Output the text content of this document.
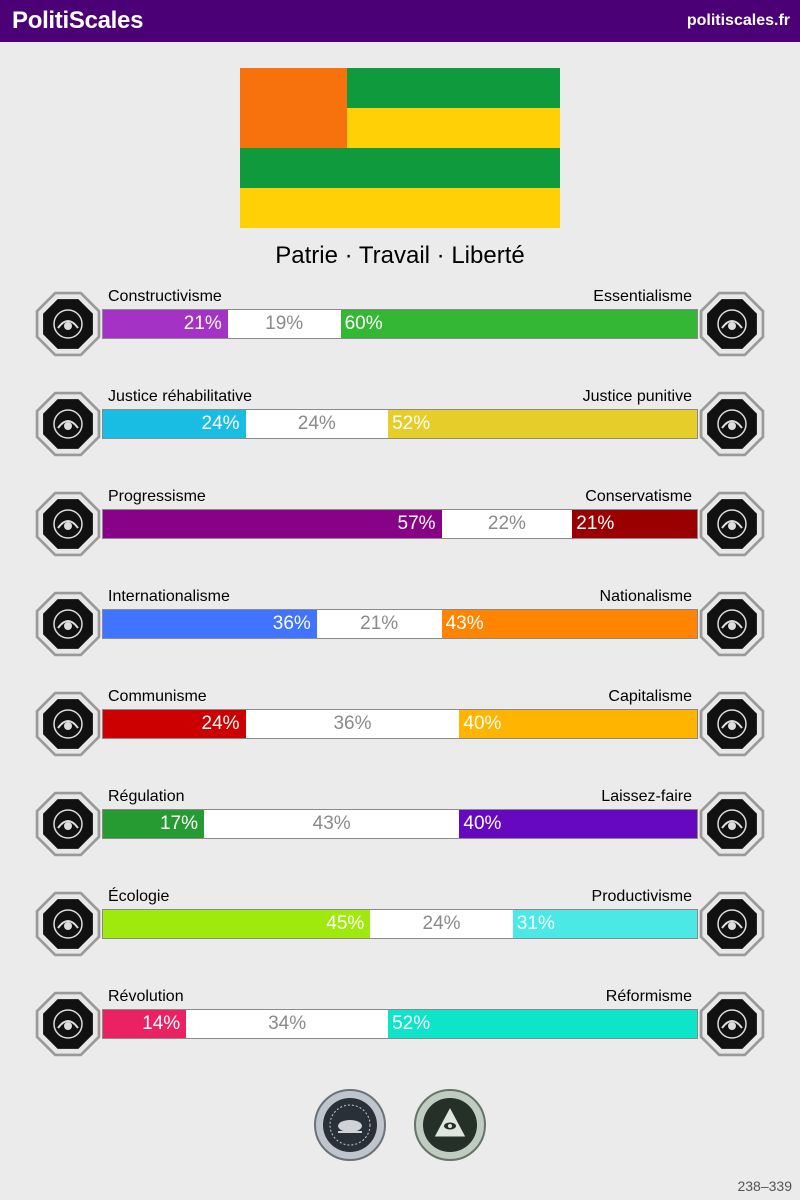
PolitiScales	politiscales.fr
Patrie · Travail · Liberté
Constructivisme	Essentialisme
21%	19%	60%
Justice réhabilitative	Justice punitive
24%	24%	52%
Progressisme	Conservatisme
57%	22%	21%
Internationalisme	Nationalisme
36%	21%	43%
Communisme	Capitalisme
24%	36%	40%
Régulation	Laissez-faire
17%	43%	40%
Écologie	Productivisme
45%	24%	31%
Révolution	Réformisme
14%	34%	52%
238–339
